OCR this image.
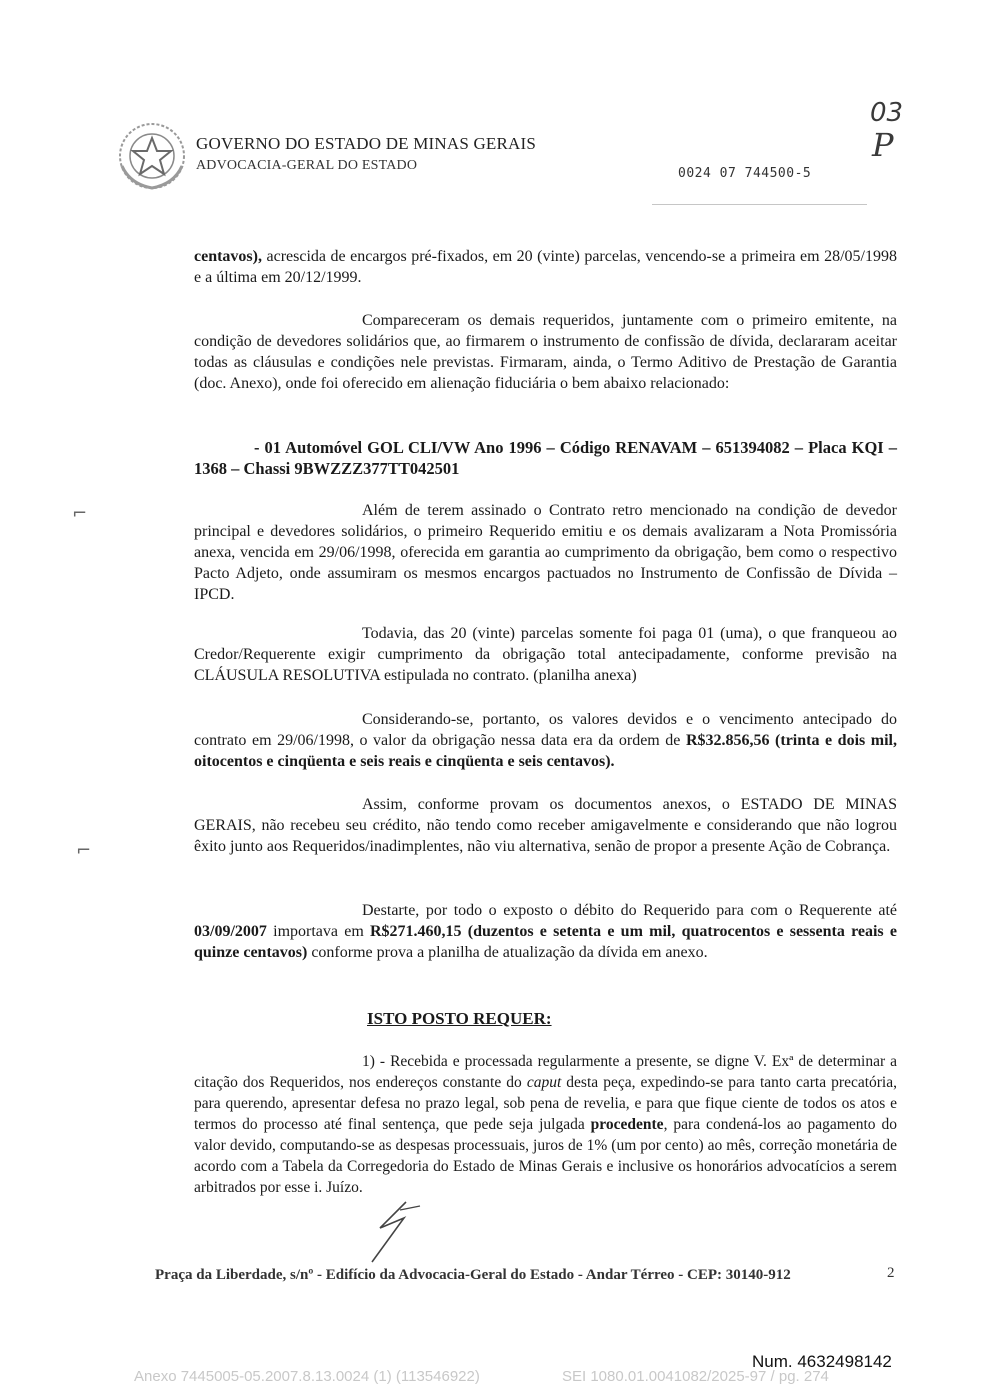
GOVERNO DO ESTADO DE MINAS GERAIS
ADVOCACIA-GERAL DO ESTADO
0024 07 744500-5
03
P
⌐
⌐

centavos), acrescida de encargos pré-fixados, em 20 (vinte) parcelas, vencendo-se a primeira em 28/05/1998 e a última em 20/12/1999.

Compareceram os demais requeridos, juntamente com o primeiro emitente, na condição de devedores solidários que, ao firmarem o instrumento de confissão de dívida, declararam aceitar todas as cláusulas e condições nele previstas. Firmaram, ainda, o Termo Aditivo de Prestação de Garantia (doc. Anexo), onde foi oferecido em alienação fiduciária o bem abaixo relacionado:

- 01 Automóvel GOL CLI/VW Ano 1996 – Código RENAVAM – 651394082 – Placa KQI – 1368 – Chassi 9BWZZZ377TT042501

Além de terem assinado o Contrato retro mencionado na condição de devedor principal e devedores solidários, o primeiro Requerido emitiu e os demais avalizaram a Nota Promissória anexa, vencida em 29/06/1998, oferecida em garantia ao cumprimento da obrigação, bem como o respectivo Pacto Adjeto, onde assumiram os mesmos encargos pactuados no Instrumento de Confissão de Dívida – IPCD.

Todavia, das 20 (vinte) parcelas somente foi paga 01 (uma), o que franqueou ao Credor/Requerente exigir cumprimento da obrigação total antecipadamente, conforme previsão na CLÁUSULA RESOLUTIVA estipulada no contrato. (planilha anexa)

Considerando-se, portanto, os valores devidos e o vencimento antecipado do contrato em 29/06/1998, o valor da obrigação nessa data era da ordem de R$32.856,56 (trinta e dois mil, oitocentos e cinqüenta e seis reais e cinqüenta e seis centavos).

Assim, conforme provam os documentos anexos, o ESTADO DE MINAS GERAIS, não recebeu seu crédito, não tendo como receber amigavelmente e considerando que não logrou êxito junto aos Requeridos/inadimplentes, não viu alternativa, senão de propor a presente Ação de Cobrança.

Destarte, por todo o exposto o débito do Requerido para com o Requerente até 03/09/2007 importava em R$271.460,15 (duzentos e setenta e um mil, quatrocentos e sessenta reais e quinze centavos) conforme prova a planilha de atualização da dívida em anexo.

ISTO POSTO REQUER:

1) - Recebida e processada regularmente a presente, se digne V. Exª de determinar a citação dos Requeridos, nos endereços constante do caput desta peça, expedindo-se para tanto carta precatória, para querendo, apresentar defesa no prazo legal, sob pena de revelia, e para que fique ciente de todos os atos e termos do processo até final sentença, que pede seja julgada procedente, para condená-los ao pagamento do valor devido, computando-se as despesas processuais, juros de 1% (um por cento) ao mês, correção monetária de acordo com a Tabela da Corregedoria do Estado de Minas Gerais e inclusive os honorários advocatícios a serem arbitrados por esse i. Juízo.

Praça da Liberdade, s/nº - Edifício da Advocacia-Geral do Estado - Andar Térreo - CEP: 30140-912	2
Num. 4632498142
Anexo 7445005-05.2007.8.13.0024 (1) (113546922)	SEI 1080.01.0041082/2025-97 / pg. 274
